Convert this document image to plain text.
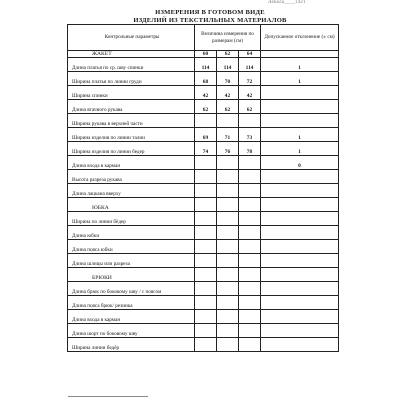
Лекала____1421
ИЗМЕРЕНИЯ В ГОТОВОМ ВИДЕ
ИЗДЕЛИЙ ИЗ ТЕКСТИЛЬНЫХ МАТЕРИАЛОВ
Контрольные параметры	Величина измерения по размерам (см)			Допускаемое отклонение (± см)
ЖАКЕТ	60	62	64	
Длина платья по ср. шву спинки	114	114	114	1
Ширина платья по линии груди	68	70	72	1
Ширина спинки	42	42	42	
Длина втачного рукава	62	62	62	
Ширина рукава в верхней части				
Ширина изделия по линии талии	69	71	73	1
Ширина изделия по линии бедер	74	76	78	1
Длина входа в карман				0
Высота разреза рукава				
Длина лацкана вверху				
ЮБКА				
Ширина по линии бёдер				
Длина юбки				
Длина пояса юбки				
Длина шлицы или разреза				
БРЮКИ				
Длина брюк по боковому шву / с поясом				
Длина пояса брюк/ резинка				
Длина входа в карман				
Длина шорт по боковому шву				
Ширина линии бедёр				
